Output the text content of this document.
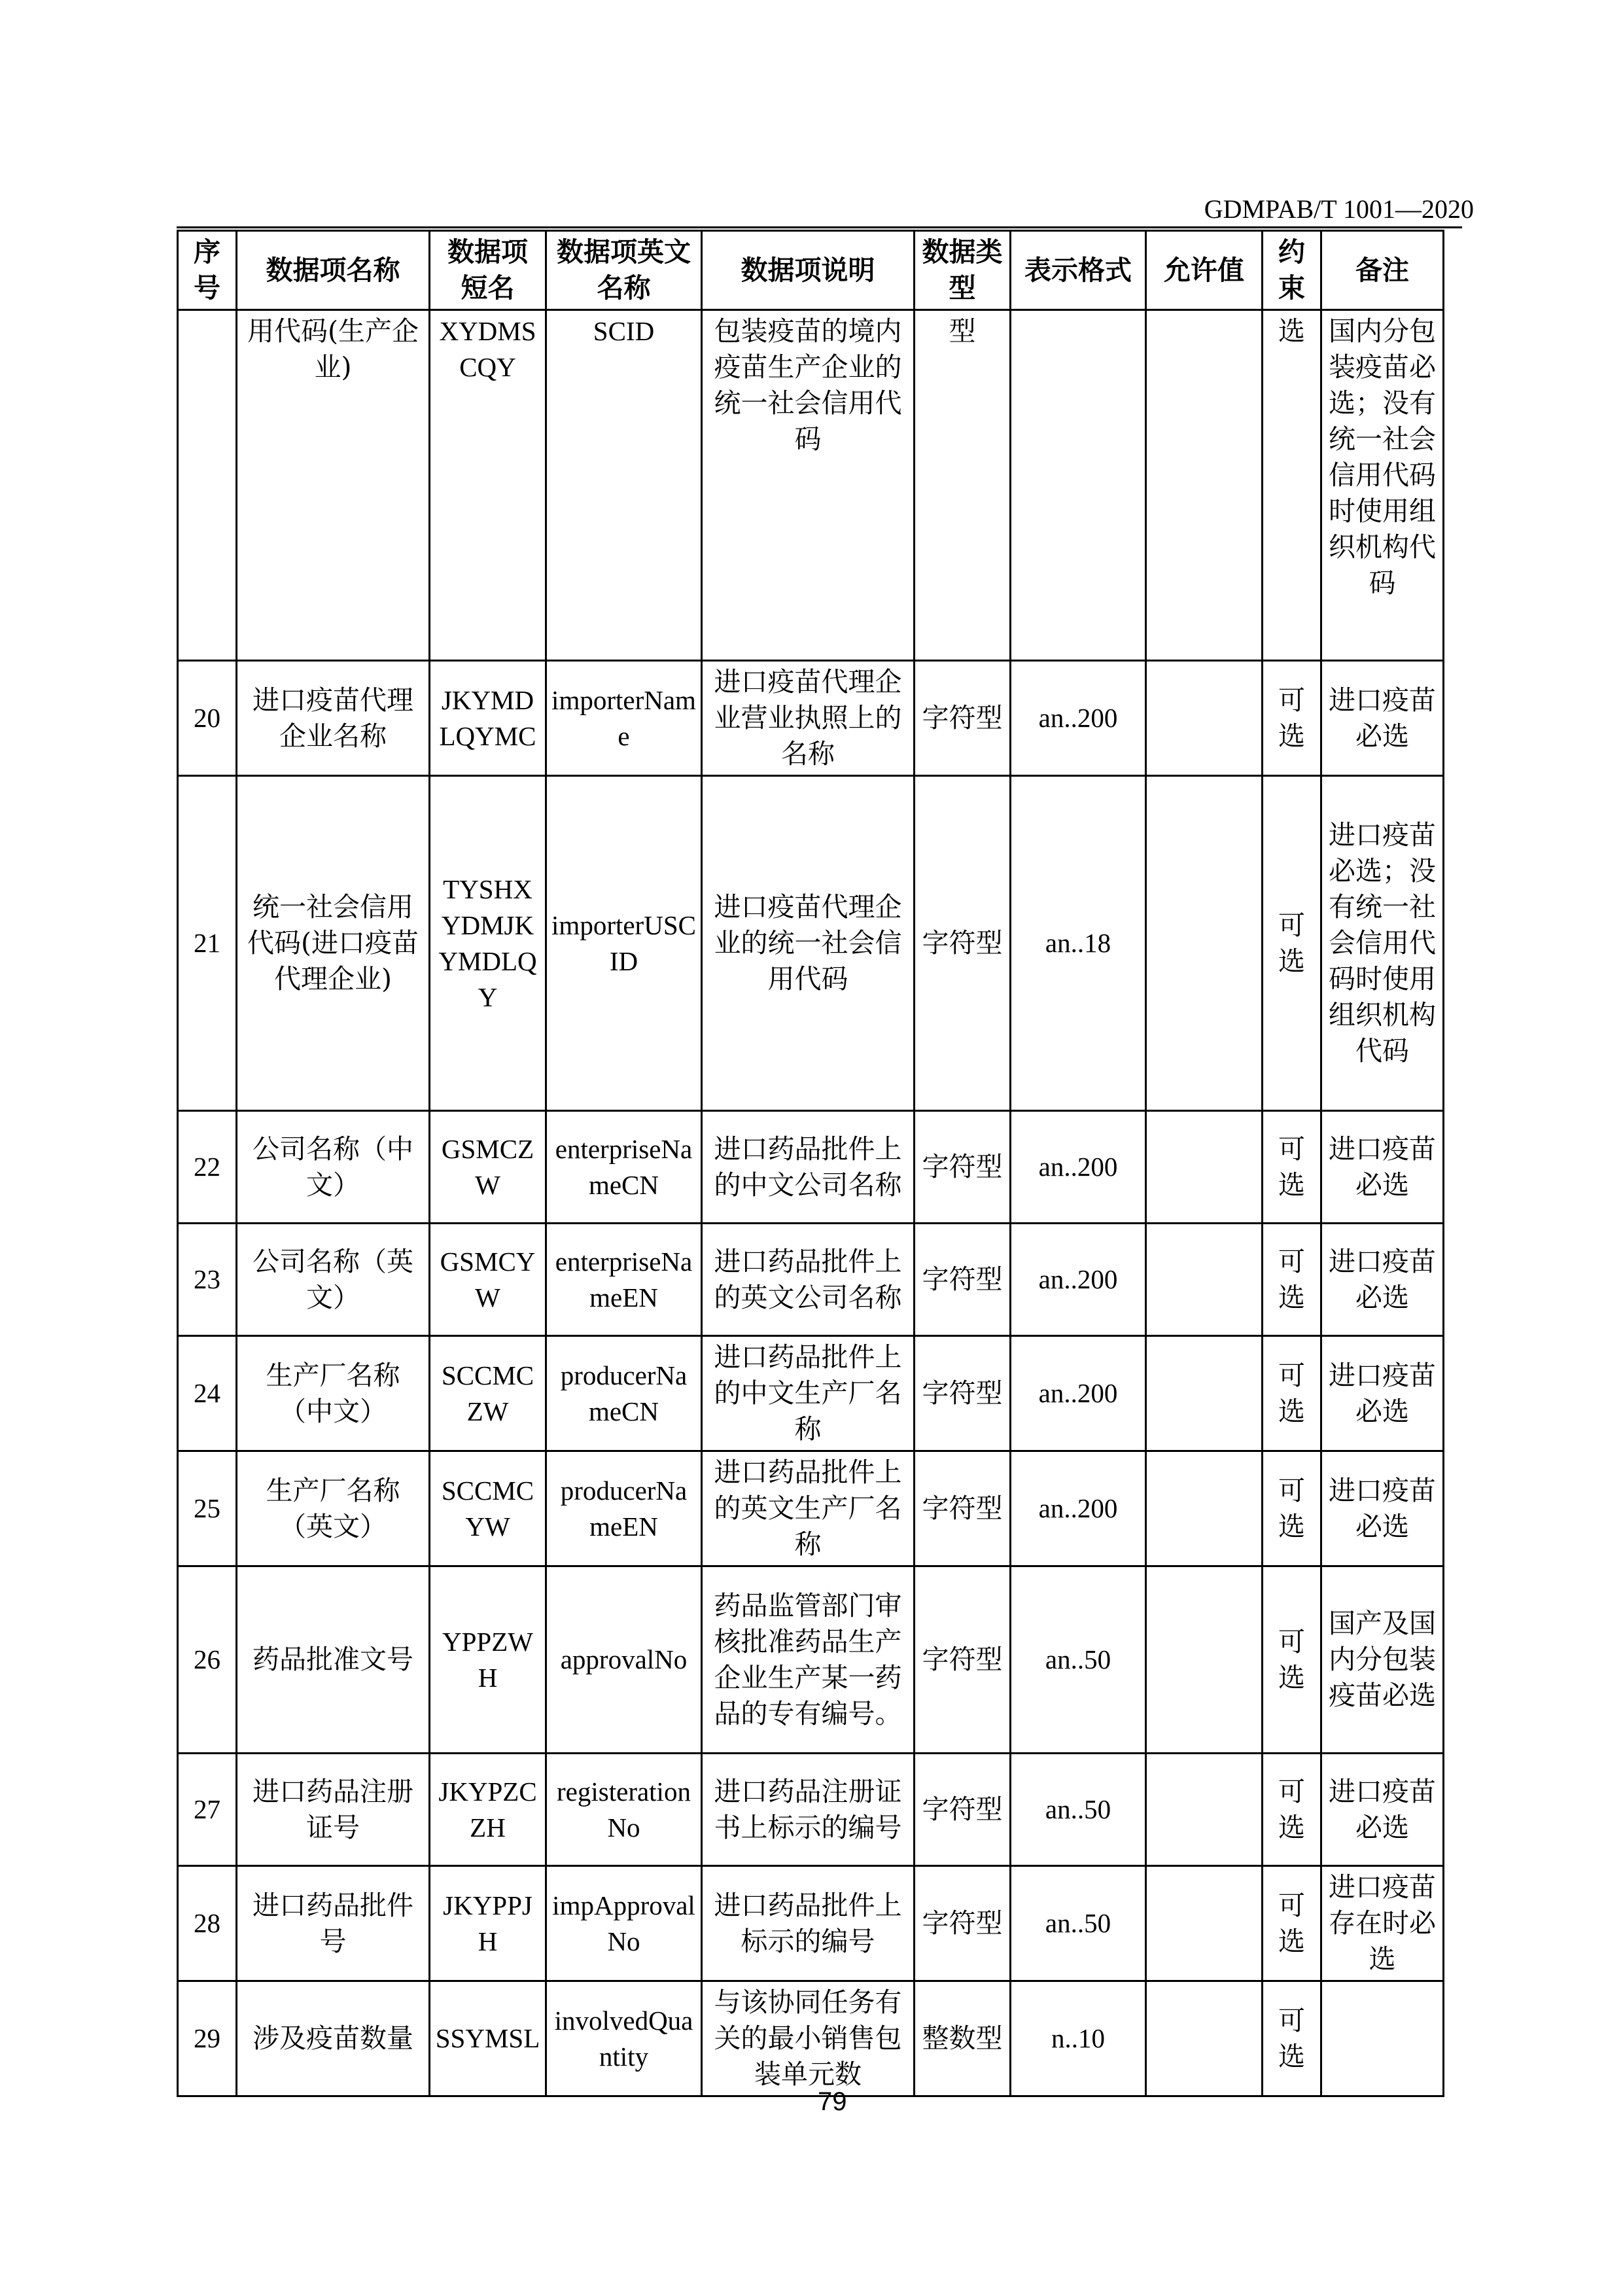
GDMPAB/T 1001—2020
序号	数据项名称	数据项短名	数据项英文名称	数据项说明	数据类型	表示格式	允许值	约束	备注
	用代码(生产企业)	XYDMSCQY	SCID	包装疫苗的境内疫苗生产企业的统一社会信用代码	型			选	国内分包装疫苗必选；没有统一社会信用代码时使用组织机构代码
20	进口疫苗代理企业名称	JKYMDLQYMC	importerName	进口疫苗代理企业营业执照上的名称	字符型	an..200		可选	进口疫苗必选
21	统一社会信用代码(进口疫苗代理企业)	TYSHXYDMJKYMDLQY	importerUSCID	进口疫苗代理企业的统一社会信用代码	字符型	an..18		可选	进口疫苗必选；没有统一社会信用代码时使用组织机构代码
22	公司名称（中文）	GSMCZW	enterpriseNameCN	进口药品批件上的中文公司名称	字符型	an..200		可选	进口疫苗必选
23	公司名称（英文）	GSMCYW	enterpriseNameEN	进口药品批件上的英文公司名称	字符型	an..200		可选	进口疫苗必选
24	生产厂名称（中文）	SCCMCZW	producerNameCN	进口药品批件上的中文生产厂名称	字符型	an..200		可选	进口疫苗必选
25	生产厂名称（英文）	SCCMCYW	producerNameEN	进口药品批件上的英文生产厂名称	字符型	an..200		可选	进口疫苗必选
26	药品批准文号	YPPZWH	approvalNo	药品监管部门审核批准药品生产企业生产某一药品的专有编号。	字符型	an..50		可选	国产及国内分包装疫苗必选
27	进口药品注册证号	JKYPZCZH	registerationNo	进口药品注册证书上标示的编号	字符型	an..50		可选	进口疫苗必选
28	进口药品批件号	JKYPPJH	impApprovalNo	进口药品批件上标示的编号	字符型	an..50		可选	进口疫苗存在时必选
29	涉及疫苗数量	SSYMSL	involvedQuantity	与该协同任务有关的最小销售包装单元数	整数型	n..10		可选	
79
